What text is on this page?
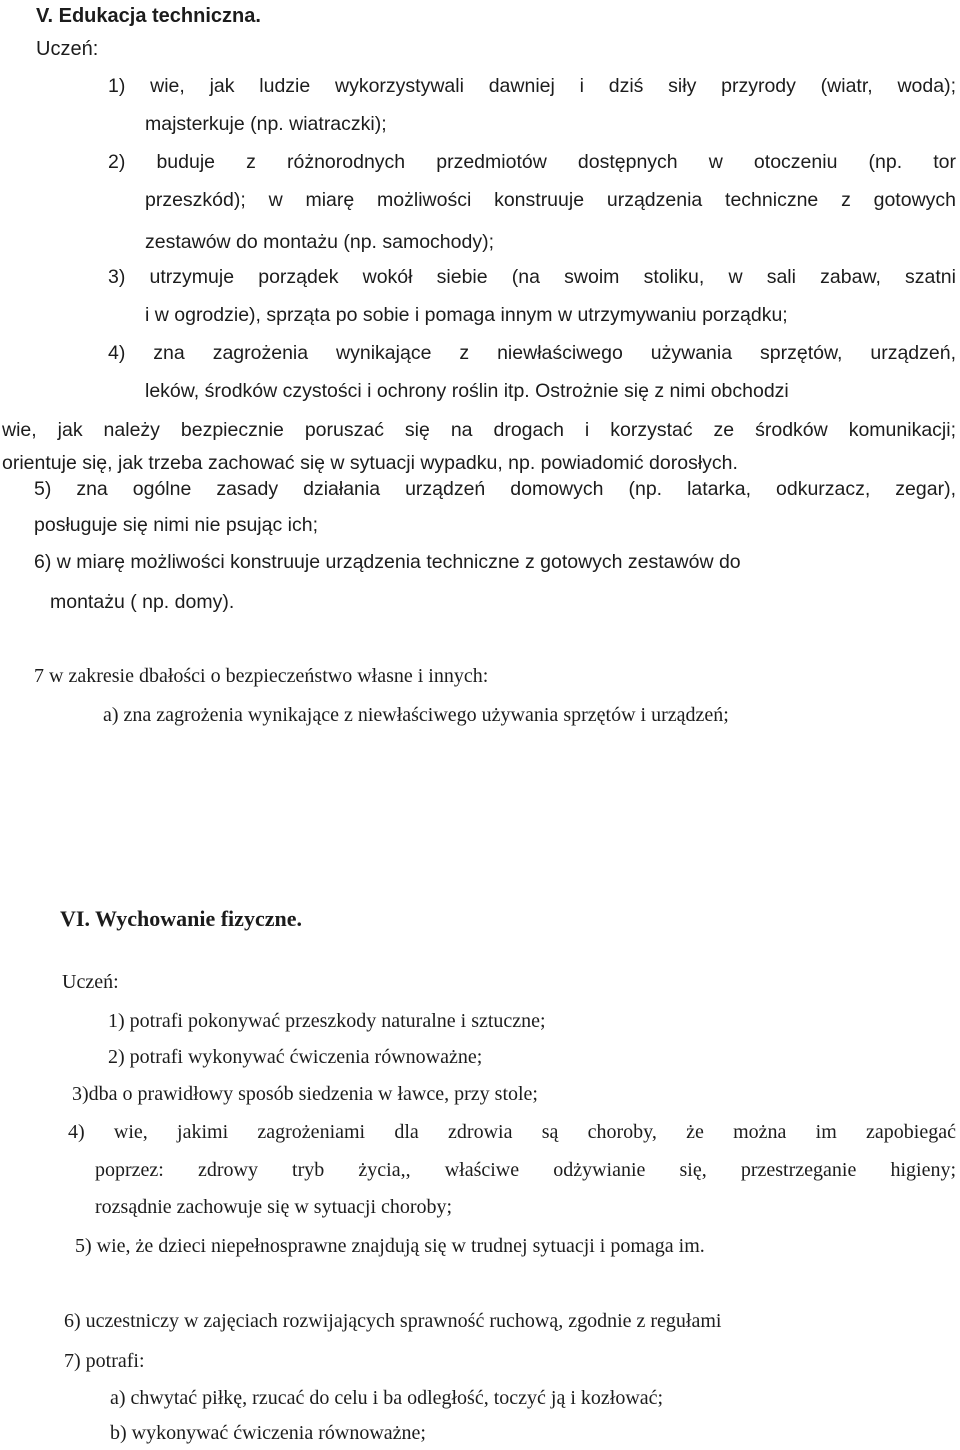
V. Edukacja techniczna.
Uczeń:
1) wie, jak ludzie wykorzystywali dawniej i dziś siły przyrody (wiatr, woda);
majsterkuje (np. wiatraczki);
2) buduje z różnorodnych przedmiotów dostępnych w otoczeniu (np. tor
przeszkód); w miarę możliwości konstruuje urządzenia techniczne z gotowych
zestawów do montażu (np. samochody);
3) utrzymuje porządek wokół siebie (na swoim stoliku, w sali zabaw, szatni
i w ogrodzie), sprząta po sobie i pomaga innym w utrzymywaniu porządku;
4) zna zagrożenia wynikające z niewłaściwego używania sprzętów, urządzeń,
leków, środków czystości i ochrony roślin itp. Ostrożnie się z nimi obchodzi
wie, jak należy bezpiecznie poruszać się na drogach i korzystać ze środków komunikacji;
orientuje się, jak trzeba zachować się w sytuacji wypadku, np. powiadomić dorosłych.
5) zna ogólne zasady działania urządzeń domowych (np. latarka, odkurzacz, zegar),
posługuje się nimi nie psując ich;
6) w miarę możliwości konstruuje urządzenia techniczne z gotowych zestawów do
montażu ( np. domy).
7 w zakresie dbałości o bezpieczeństwo własne i innych:
a) zna zagrożenia wynikające z niewłaściwego używania sprzętów i urządzeń;
VI. Wychowanie fizyczne.
Uczeń:
1) potrafi pokonywać przeszkody naturalne i sztuczne;
2) potrafi wykonywać ćwiczenia równoważne;
3)dba o prawidłowy sposób siedzenia w ławce, przy stole;
4) wie, jakimi zagrożeniami dla zdrowia są choroby, że można im zapobiegać
poprzez: zdrowy tryb życia,, właściwe odżywianie się, przestrzeganie higieny;
rozsądnie zachowuje się w sytuacji choroby;
5) wie, że dzieci niepełnosprawne znajdują się w trudnej sytuacji i pomaga im.
6) uczestniczy w zajęciach rozwijających sprawność ruchową, zgodnie z regułami
7) potrafi:
a) chwytać piłkę, rzucać do celu i ba odległość, toczyć ją i kozłować;
b) wykonywać ćwiczenia równoważne;
